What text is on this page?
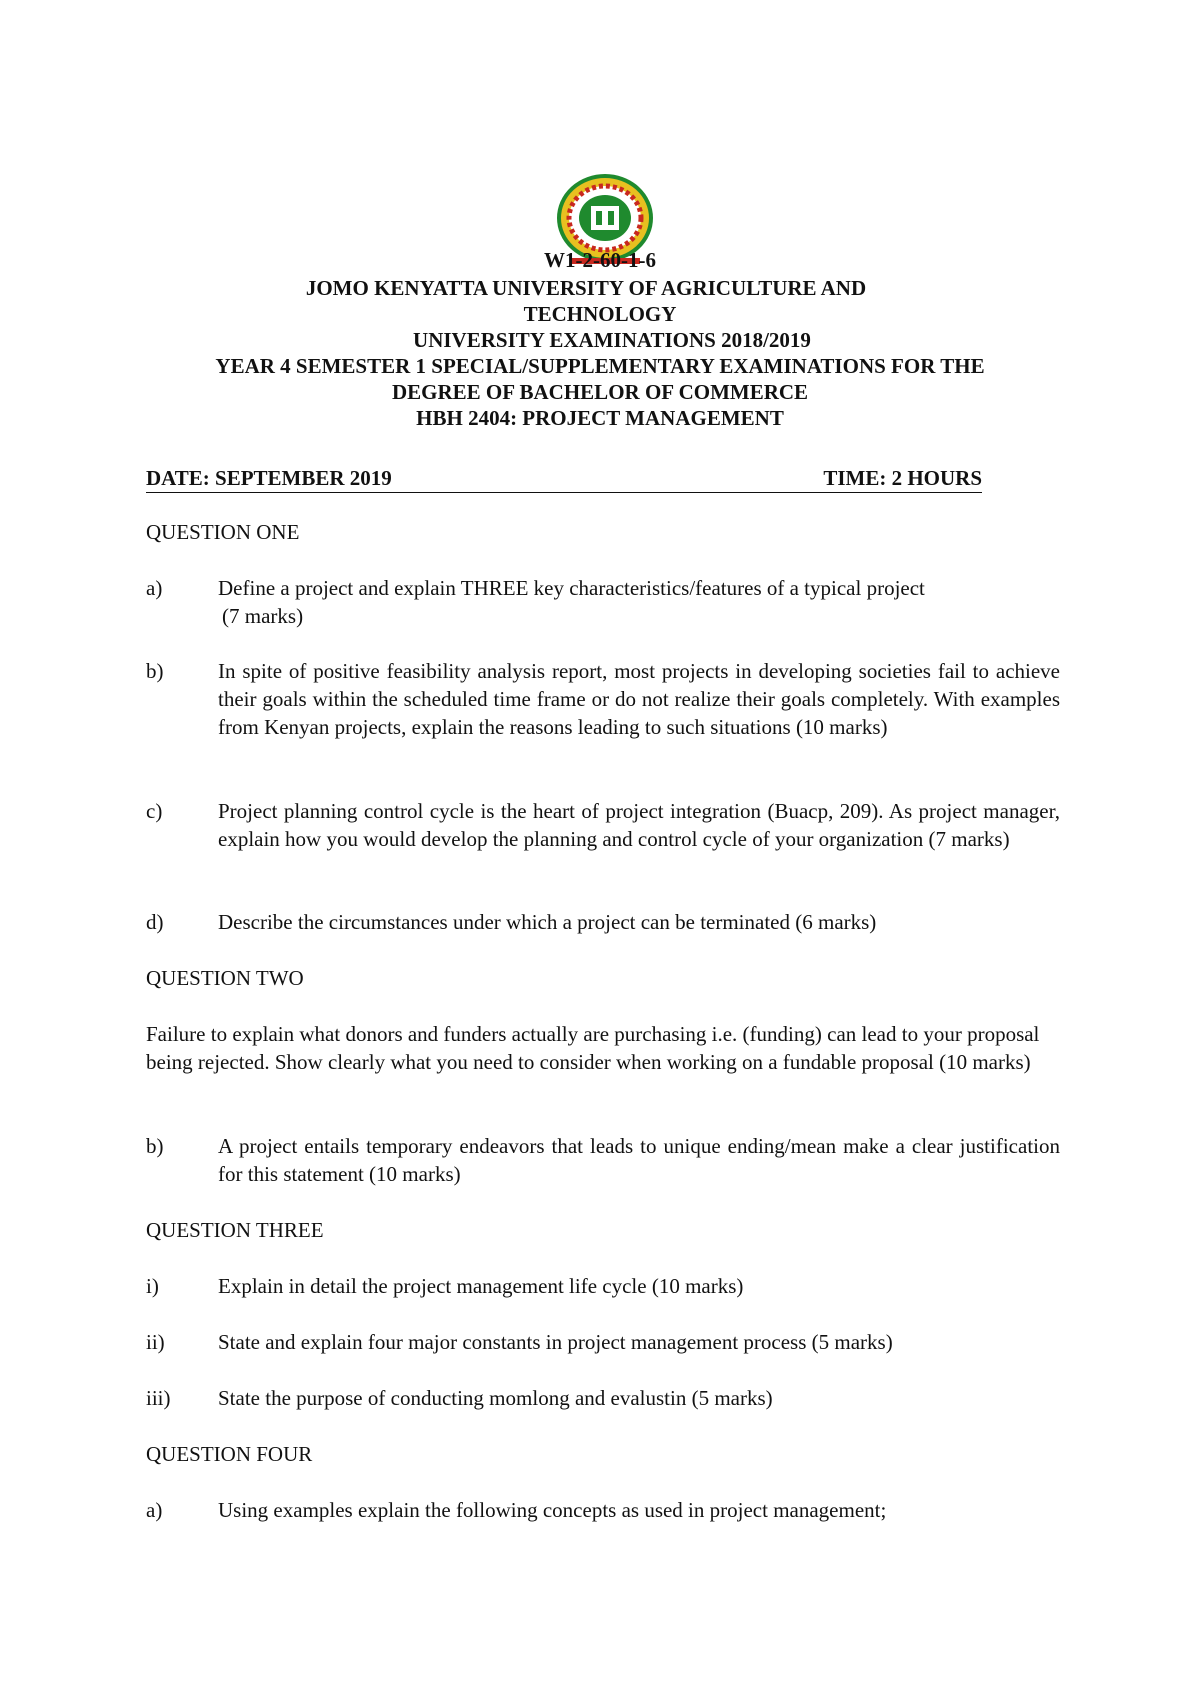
W1-2-60-1-6
JOMO KENYATTA UNIVERSITY OF AGRICULTURE AND
TECHNOLOGY
UNIVERSITY EXAMINATIONS 2018/2019
YEAR 4 SEMESTER 1 SPECIAL/SUPPLEMENTARY EXAMINATIONS FOR THE
DEGREE OF BACHELOR OF COMMERCE
HBH 2404: PROJECT MANAGEMENT
DATE: SEPTEMBER 2019	TIME: 2 HOURS
QUESTION ONE
a)	Define a project and explain THREE key characteristics/features of a typical project
(7 marks)
b)	In spite of positive feasibility analysis report, most projects in developing societies fail to achieve their goals within the scheduled time frame or do not realize their goals completely. With examples from Kenyan projects, explain the reasons leading to such situations (10 marks)
c)	Project planning control cycle is the heart of project integration (Buacp, 209). As project manager, explain how you would develop the planning and control cycle of your organization (7 marks)
d)	Describe the circumstances under which a project can be terminated (6 marks)
QUESTION TWO
Failure to explain what donors and funders actually are purchasing i.e. (funding) can lead to your proposal being rejected. Show clearly what you need to consider when working on a fundable proposal (10 marks)
b)	A project entails temporary endeavors that leads to unique ending/mean make a clear justification for this statement (10 marks)
QUESTION THREE
i)	Explain in detail the project management life cycle (10 marks)
ii)	State and explain four major constants in project management process (5 marks)
iii) State the purpose of conducting momlong and evalustin (5 marks)
QUESTION FOUR
a)	Using examples explain the following concepts as used in project management;
